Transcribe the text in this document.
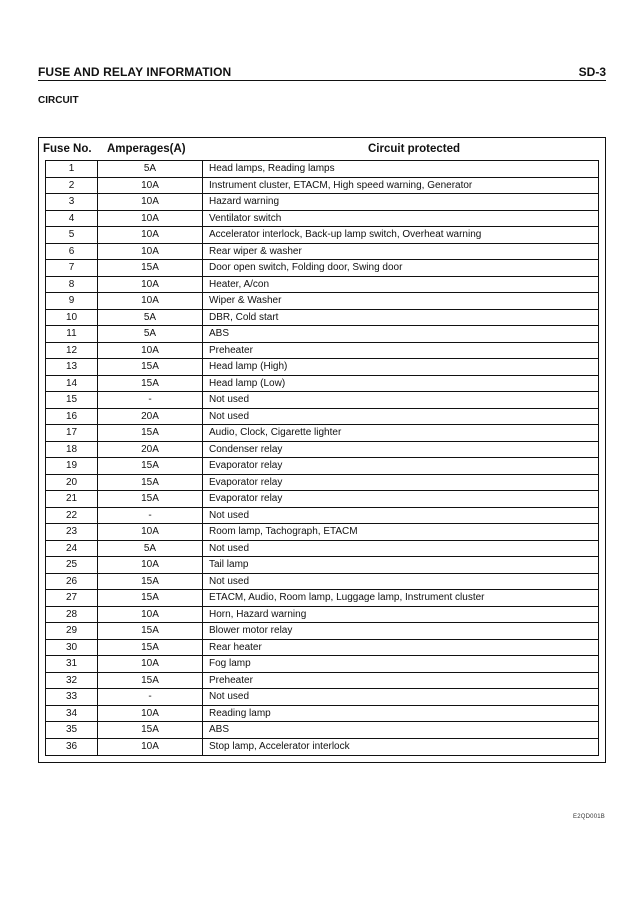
FUSE AND RELAY INFORMATION	SD-3
CIRCUIT
Fuse No.	Amperages(A)	Circuit protected
1	5A	Head lamps, Reading lamps
2	10A	Instrument cluster, ETACM, High speed warning, Generator
3	10A	Hazard warning
4	10A	Ventilator switch
5	10A	Accelerator interlock, Back-up lamp switch, Overheat warning
6	10A	Rear wiper & washer
7	15A	Door open switch, Folding door, Swing door
8	10A	Heater, A/con
9	10A	Wiper & Washer
10	5A	DBR, Cold start
11	5A	ABS
12	10A	Preheater
13	15A	Head lamp (High)
14	15A	Head lamp (Low)
15	-	Not used
16	20A	Not used
17	15A	Audio, Clock, Cigarette lighter
18	20A	Condenser relay
19	15A	Evaporator relay
20	15A	Evaporator relay
21	15A	Evaporator relay
22	-	Not used
23	10A	Room lamp, Tachograph, ETACM
24	5A	Not used
25	10A	Tail lamp
26	15A	Not used
27	15A	ETACM, Audio, Room lamp, Luggage lamp, Instrument cluster
28	10A	Horn, Hazard warning
29	15A	Blower motor relay
30	15A	Rear heater
31	10A	Fog lamp
32	15A	Preheater
33	-	Not used
34	10A	Reading lamp
35	15A	ABS
36	10A	Stop lamp, Accelerator interlock
E2QD001B
